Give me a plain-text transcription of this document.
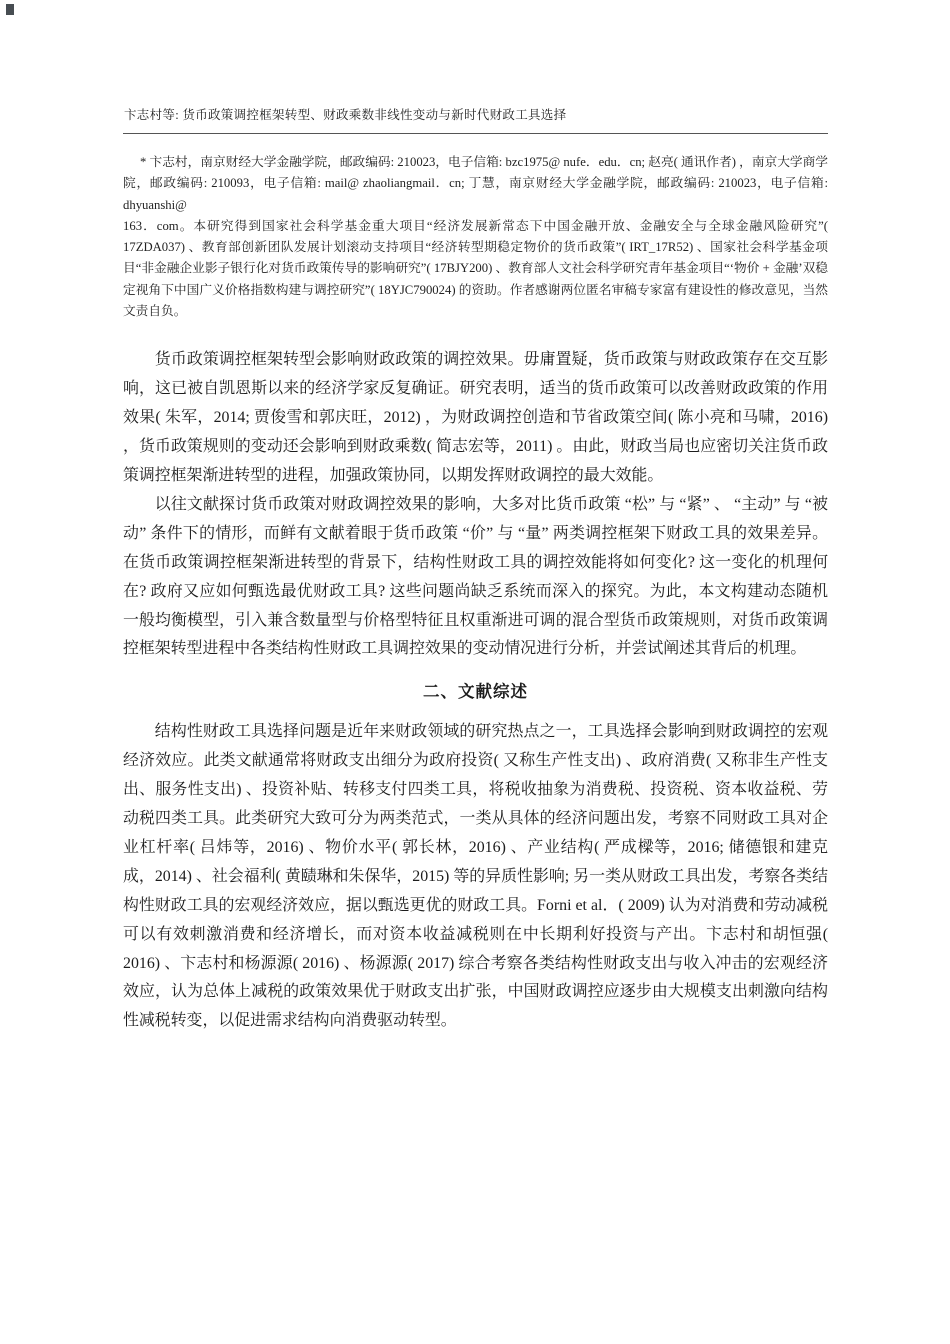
卞志村等: 货币政策调控框架转型、财政乘数非线性变动与新时代财政工具选择

* 卞志村，南京财经大学金融学院，邮政编码: 210023，电子信箱: bzc1975@ nufe．edu．cn; 赵亮( 通讯作者) ，南京大学商学院，邮政编码: 210093，电子信箱: mail@ zhaoliangmail．cn; 丁慧，南京财经大学金融学院，邮政编码: 210023，电子信箱: dhyuanshi@

163．com。本研究得到国家社会科学基金重大项目“经济发展新常态下中国金融开放、金融安全与全球金融风险研究”( 17ZDA037) 、教育部创新团队发展计划滚动支持项目“经济转型期稳定物价的货币政策”( IRT_17R52) 、国家社会科学基金项目“非金融企业影子银行化对货币政策传导的影响研究”( 17BJY200) 、教育部人文社会科学研究青年基金项目“‘物价 + 金融’双稳定视角下中国广义价格指数构建与调控研究”( 18YJC790024) 的资助。作者感谢两位匿名审稿专家富有建设性的修改意见，当然文责自负。

货币政策调控框架转型会影响财政政策的调控效果。毋庸置疑，货币政策与财政政策存在交互影响，这已被自凯恩斯以来的经济学家反复确证。研究表明，适当的货币政策可以改善财政政策的作用效果( 朱军，2014; 贾俊雪和郭庆旺，2012) ，为财政调控创造和节省政策空间( 陈小亮和马啸，2016) ，货币政策规则的变动还会影响到财政乘数( 简志宏等，2011) 。由此，财政当局也应密切关注货币政策调控框架渐进转型的进程，加强政策协同，以期发挥财政调控的最大效能。

以往文献探讨货币政策对财政调控效果的影响，大多对比货币政策 “松” 与 “紧” 、 “主动” 与 “被动” 条件下的情形，而鲜有文献着眼于货币政策 “价” 与 “量” 两类调控框架下财政工具的效果差异。在货币政策调控框架渐进转型的背景下，结构性财政工具的调控效能将如何变化? 这一变化的机理何在? 政府又应如何甄选最优财政工具? 这些问题尚缺乏系统而深入的探究。为此，本文构建动态随机一般均衡模型，引入兼含数量型与价格型特征且权重渐进可调的混合型货币政策规则，对货币政策调控框架转型进程中各类结构性财政工具调控效果的变动情况进行分析，并尝试阐述其背后的机理。

二、文献综述

结构性财政工具选择问题是近年来财政领域的研究热点之一，工具选择会影响到财政调控的宏观经济效应。此类文献通常将财政支出细分为政府投资( 又称生产性支出) 、政府消费( 又称非生产性支出、服务性支出) 、投资补贴、转移支付四类工具，将税收抽象为消费税、投资税、资本收益税、劳动税四类工具。此类研究大致可分为两类范式，一类从具体的经济问题出发，考察不同财政工具对企业杠杆率( 吕炜等，2016) 、物价水平( 郭长林，2016) 、产业结构( 严成樑等，2016; 储德银和建克成，2014) 、社会福利( 黄赜琳和朱保华，2015) 等的异质性影响; 另一类从财政工具出发，考察各类结构性财政工具的宏观经济效应，据以甄选更优的财政工具。Forni et al．( 2009) 认为对消费和劳动减税可以有效刺激消费和经济增长，而对资本收益减税则在中长期利好投资与产出。卞志村和胡恒强( 2016) 、卞志村和杨源源( 2016) 、杨源源( 2017) 综合考察各类结构性财政支出与收入冲击的宏观经济效应，认为总体上减税的政策效果优于财政支出扩张，中国财政调控应逐步由大规模支出刺激向结构性减税转变，以促进需求结构向消费驱动转型。
